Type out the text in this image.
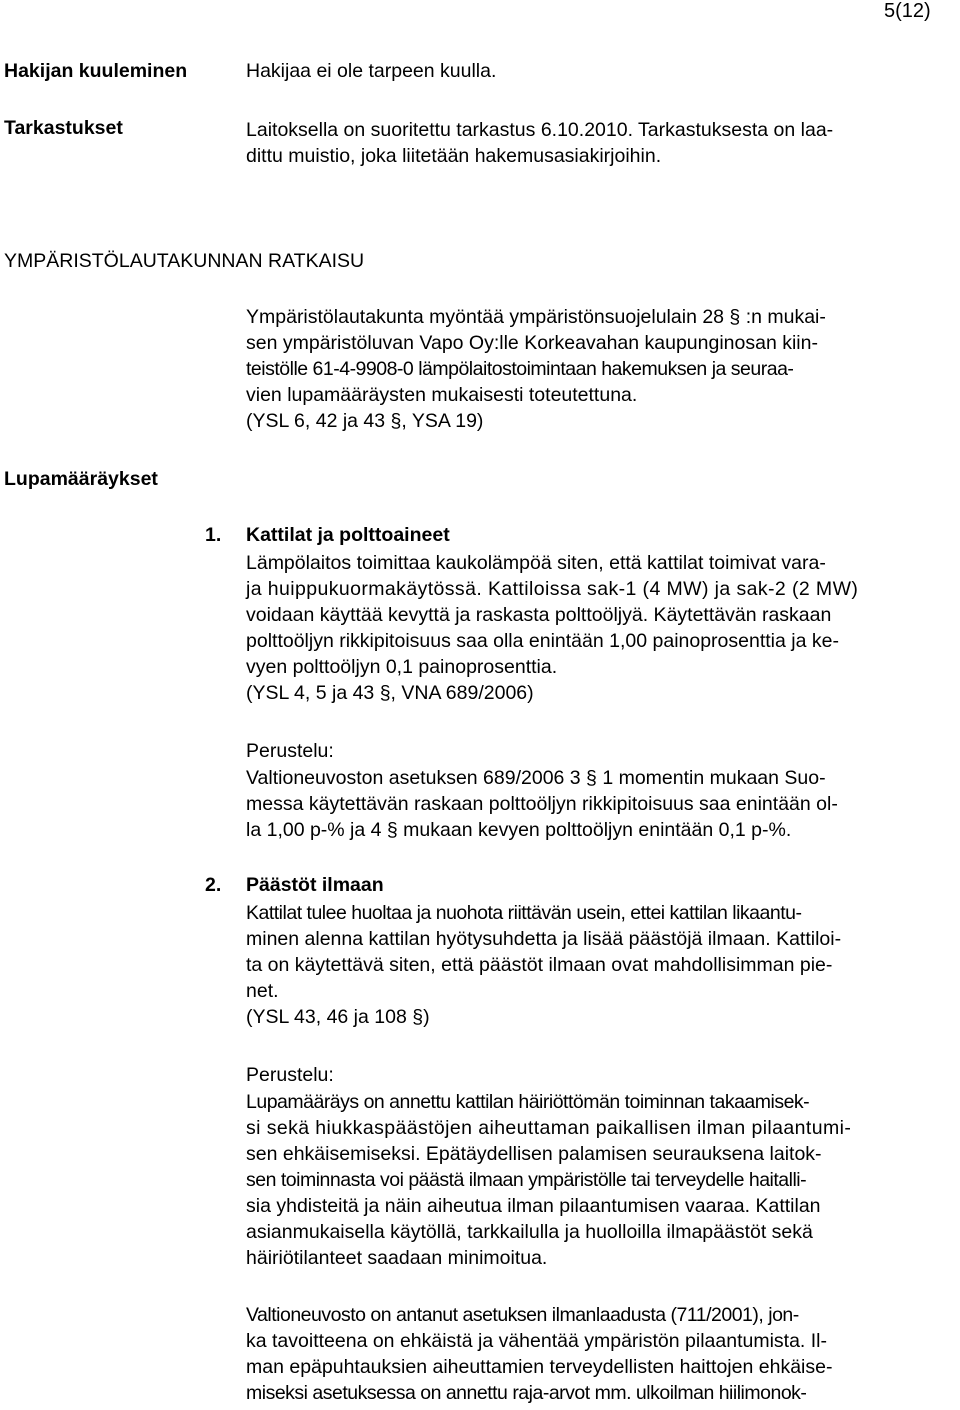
5(12)
Hakijan kuuleminen	Hakijaa ei ole tarpeen kuulla.
Tarkastukset	Laitoksella on suoritettu tarkastus 6.10.2010. Tarkastuksesta on laa-
dittu muistio, joka liitetään hakemusasiakirjoihin.
YMPÄRISTÖLAUTAKUNNAN RATKAISU
Ympäristölautakunta myöntää ympäristönsuojelulain 28 § :n mukai-
sen ympäristöluvan Vapo Oy:lle Korkeavahan kaupunginosan kiin-
teistölle 61-4-9908-0 lämpölaitostoimintaan hakemuksen ja seuraa-
vien lupamääräysten mukaisesti toteutettuna.
(YSL 6, 42 ja 43 §, YSA 19)
Lupamääräykset
1. Kattilat ja polttoaineet
Lämpölaitos toimittaa kaukolämpöä siten, että kattilat toimivat vara-
ja huippukuormakäytössä. Kattiloissa sak-1 (4 MW) ja sak-2 (2 MW)
voidaan käyttää kevyttä ja raskasta polttoöljyä. Käytettävän raskaan
polttoöljyn rikkipitoisuus saa olla enintään 1,00 painoprosenttia ja ke-
vyen polttoöljyn 0,1 painoprosenttia.
(YSL 4, 5 ja 43 §, VNA 689/2006)
Perustelu:
Valtioneuvoston asetuksen 689/2006 3 § 1 momentin mukaan Suo-
messa käytettävän raskaan polttoöljyn rikkipitoisuus saa enintään ol-
la 1,00 p-% ja 4 § mukaan kevyen polttoöljyn enintään 0,1 p-%.
2. Päästöt ilmaan
Kattilat tulee huoltaa ja nuohota riittävän usein, ettei kattilan likaantu-
minen alenna kattilan hyötysuhdetta ja lisää päästöjä ilmaan. Kattiloi-
ta on käytettävä siten, että päästöt ilmaan ovat mahdollisimman pie-
net.
(YSL 43, 46 ja 108 §)
Perustelu:
Lupamääräys on annettu kattilan häiriöttömän toiminnan takaamisek-
si sekä hiukkaspäästöjen aiheuttaman paikallisen ilman pilaantumi-
sen ehkäisemiseksi. Epätäydellisen palamisen seurauksena laitok-
sen toiminnasta voi päästä ilmaan ympäristölle tai terveydelle haitalli-
sia yhdisteitä ja näin aiheutua ilman pilaantumisen vaaraa. Kattilan
asianmukaisella käytöllä, tarkkailulla ja huolloilla ilmapäästöt sekä
häiriötilanteet saadaan minimoitua.
Valtioneuvosto on antanut asetuksen ilmanlaadusta (711/2001), jon-
ka tavoitteena on ehkäistä ja vähentää ympäristön pilaantumista. Il-
man epäpuhtauksien aiheuttamien terveydellisten haittojen ehkäise-
miseksi asetuksessa on annettu raja-arvot mm. ulkoilman hiilimonok-
